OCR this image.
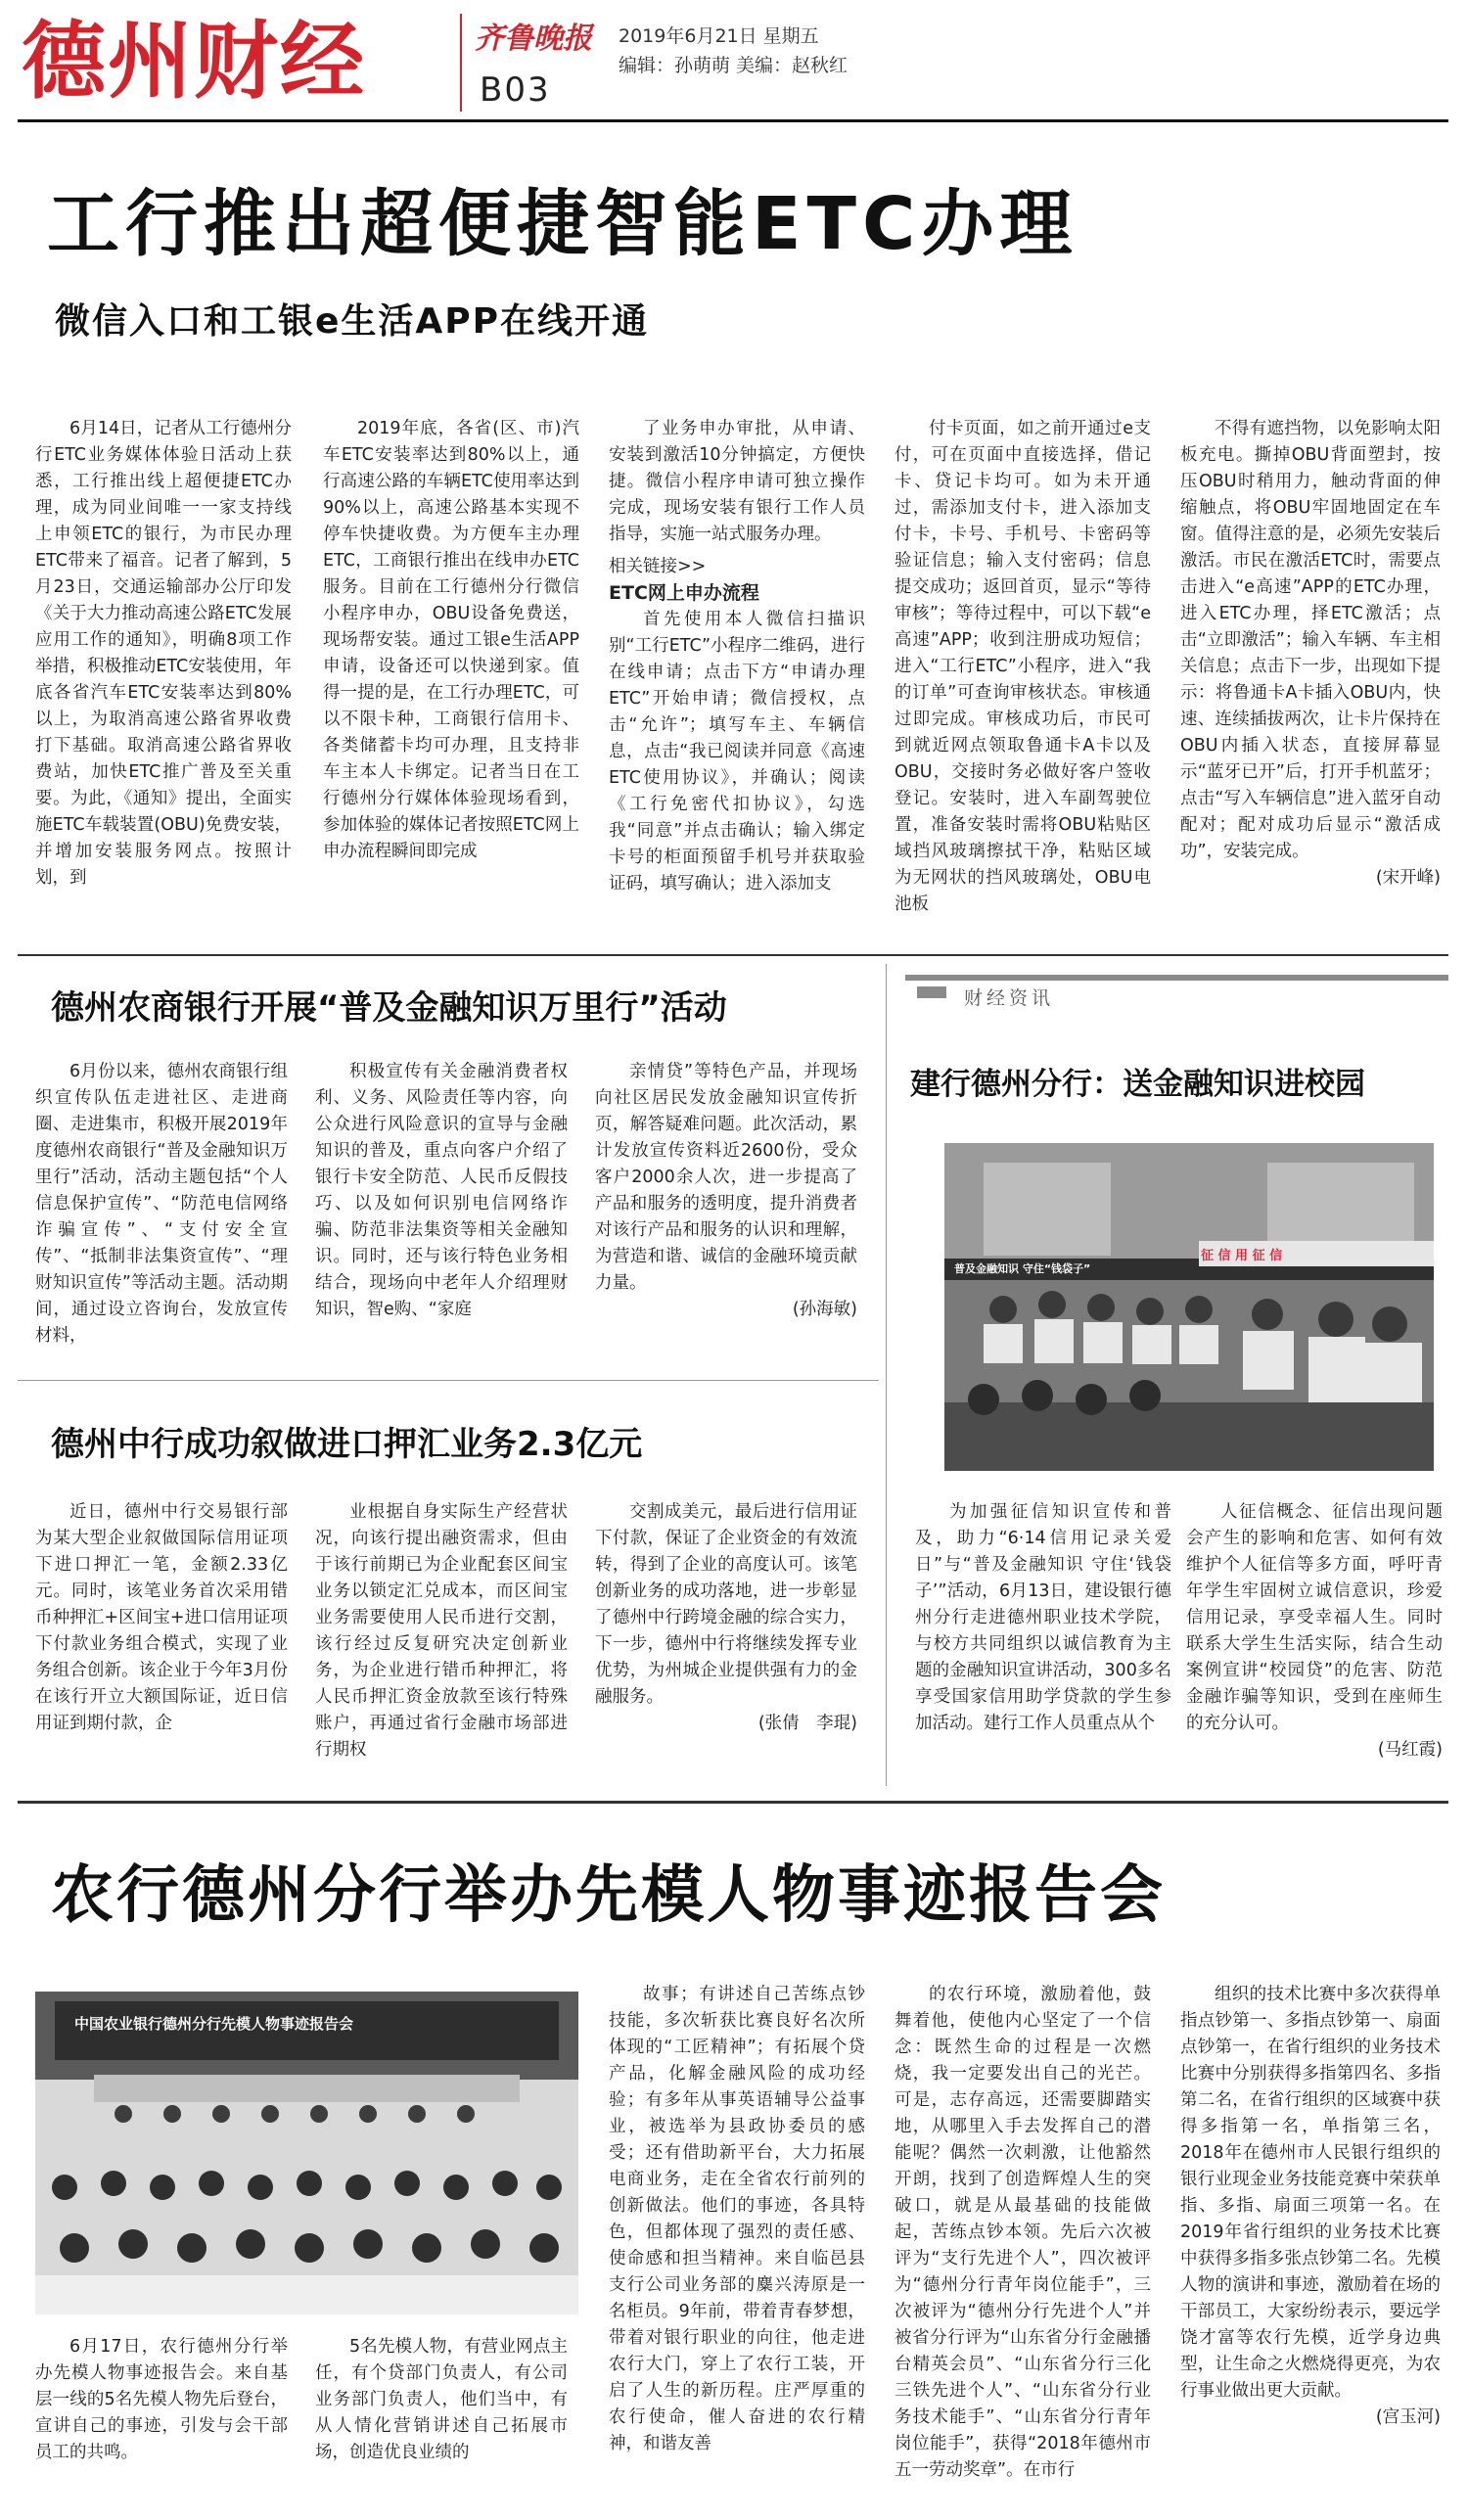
德州财经	齐鲁晚报
B03
2019年6月21日 星期五
编辑：孙萌萌 美编：赵秋红
工行推出超便捷智能ETC办理
微信入口和工银e生活APP在线开通

6月14日，记者从工行德州分行ETC业务媒体体验日活动上获悉，工行推出线上超便捷ETC办理，成为同业间唯一一家支持线上申领ETC的银行，为市民办理ETC带来了福音。记者了解到，5月23日，交通运输部办公厅印发《关于大力推动高速公路ETC发展应用工作的通知》，明确8项工作举措，积极推动ETC安装使用，年底各省汽车ETC安装率达到80%以上，为取消高速公路省界收费打下基础。取消高速公路省界收费站，加快ETC推广普及至关重要。为此，《通知》提出，全面实施ETC车载装置(OBU)免费安装，并增加安装服务网点。按照计划，到

2019年底，各省(区、市)汽车ETC安装率达到80%以上，通行高速公路的车辆ETC使用率达到90%以上，高速公路基本实现不停车快捷收费。为方便车主办理ETC，工商银行推出在线申办ETC服务。目前在工行德州分行微信小程序申办，OBU设备免费送，现场帮安装。通过工银e生活APP申请，设备还可以快递到家。值得一提的是，在工行办理ETC，可以不限卡种，工商银行信用卡、各类储蓄卡均可办理，且支持非车主本人卡绑定。记者当日在工行德州分行媒体体验现场看到，参加体验的媒体记者按照ETC网上申办流程瞬间即完成

了业务申办审批，从申请、安装到激活10分钟搞定，方便快捷。微信小程序申请可独立操作完成，现场安装有银行工作人员指导，实施一站式服务办理。

相关链接>>
ETC网上申办流程

首先使用本人微信扫描识别“工行ETC”小程序二维码，进行在线申请；点击下方“申请办理ETC”开始申请；微信授权，点击“允许”；填写车主、车辆信息，点击“我已阅读并同意《高速ETC使用协议》，并确认；阅读《工行免密代扣协议》，勾选我“同意”并点击确认；输入绑定卡号的柜面预留手机号并获取验证码，填写确认；进入添加支

付卡页面，如之前开通过e支付，可在页面中直接选择，借记卡、贷记卡均可。如为未开通过，需添加支付卡，进入添加支付卡，卡号、手机号、卡密码等验证信息；输入支付密码；信息提交成功；返回首页，显示“等待审核”；等待过程中，可以下载“e高速”APP；收到注册成功短信；进入“工行ETC”小程序，进入“我的订单”可查询审核状态。审核通过即完成。审核成功后，市民可到就近网点领取鲁通卡A卡以及OBU，交接时务必做好客户签收登记。安装时，进入车副驾驶位置，准备安装时需将OBU粘贴区域挡风玻璃擦拭干净，粘贴区域为无网状的挡风玻璃处，OBU电池板

不得有遮挡物，以免影响太阳板充电。撕掉OBU背面塑封，按压OBU时稍用力，触动背面的伸缩触点，将OBU牢固地固定在车窗。值得注意的是，必须先安装后激活。市民在激活ETC时，需要点击进入“e高速”APP的ETC办理，进入ETC办理，择ETC激活；点击“立即激活”；输入车辆、车主相关信息；点击下一步，出现如下提示：将鲁通卡A卡插入OBU内，快速、连续插拔两次，让卡片保持在OBU内插入状态，直接屏幕显示“蓝牙已开”后，打开手机蓝牙；点击“写入车辆信息”进入蓝牙自动配对；配对成功后显示“激活成功”，安装完成。

(宋开峰)
德州农商银行开展“普及金融知识万里行”活动

6月份以来，德州农商银行组织宣传队伍走进社区、走进商圈、走进集市，积极开展2019年度德州农商银行“普及金融知识万里行”活动，活动主题包括“个人信息保护宣传”、“防范电信网络诈骗宣传”、“支付安全宣传”、“抵制非法集资宣传”、“理财知识宣传”等活动主题。活动期间，通过设立咨询台，发放宣传材料，

积极宣传有关金融消费者权利、义务、风险责任等内容，向公众进行风险意识的宣导与金融知识的普及，重点向客户介绍了银行卡安全防范、人民币反假技巧、以及如何识别电信网络诈骗、防范非法集资等相关金融知识。同时，还与该行特色业务相结合，现场向中老年人介绍理财知识，智e购、“家庭

亲情贷”等特色产品，并现场向社区居民发放金融知识宣传折页，解答疑难问题。此次活动，累计发放宣传资料近2600份，受众客户2000余人次，进一步提高了产品和服务的透明度，提升消费者对该行产品和服务的认识和理解，为营造和谐、诚信的金融环境贡献力量。

(孙海敏)
德州中行成功叙做进口押汇业务2.3亿元

近日，德州中行交易银行部为某大型企业叙做国际信用证项下进口押汇一笔，金额2.33亿元。同时，该笔业务首次采用错币种押汇+区间宝+进口信用证项下付款业务组合模式，实现了业务组合创新。该企业于今年3月份在该行开立大额国际证，近日信用证到期付款，企

业根据自身实际生产经营状况，向该行提出融资需求，但由于该行前期已为企业配套区间宝业务以锁定汇兑成本，而区间宝业务需要使用人民币进行交割，该行经过反复研究决定创新业务，为企业进行错币种押汇，将人民币押汇资金放款至该行特殊账户，再通过省行金融市场部进行期权

交割成美元，最后进行信用证下付款，保证了企业资金的有效流转，得到了企业的高度认可。该笔创新业务的成功落地，进一步彰显了德州中行跨境金融的综合实力，下一步，德州中行将继续发挥专业优势，为州城企业提供强有力的金融服务。

(张倩　李琨)
财经资讯
建行德州分行：送金融知识进校园
普及金融知识 守住“钱袋子”
征 信 用 征 信

为加强征信知识宣传和普及，助力“6·14信用记录关爱日”与“普及金融知识 守住‘钱袋子’”活动，6月13日，建设银行德州分行走进德州职业技术学院，与校方共同组织以诚信教育为主题的金融知识宣讲活动，300多名享受国家信用助学贷款的学生参加活动。建行工作人员重点从个

人征信概念、征信出现问题会产生的影响和危害、如何有效维护个人征信等多方面，呼吁青年学生牢固树立诚信意识，珍爱信用记录，享受幸福人生。同时联系大学生生活实际，结合生动案例宣讲“校园贷”的危害、防范金融诈骗等知识，受到在座师生的充分认可。

(马红霞)
农行德州分行举办先模人物事迹报告会
中国农业银行德州分行先模人物事迹报告会

6月17日，农行德州分行举办先模人物事迹报告会。来自基层一线的5名先模人物先后登台，宣讲自己的事迹，引发与会干部员工的共鸣。

5名先模人物，有营业网点主任，有个贷部门负责人，有公司业务部门负责人，他们当中，有从人情化营销讲述自己拓展市场，创造优良业绩的

故事；有讲述自己苦练点钞技能，多次斩获比赛良好名次所体现的“工匠精神”；有拓展个贷产品，化解金融风险的成功经验；有多年从事英语辅导公益事业，被选举为县政协委员的感受；还有借助新平台，大力拓展电商业务，走在全省农行前列的创新做法。他们的事迹，各具特色，但都体现了强烈的责任感、使命感和担当精神。来自临邑县支行公司业务部的麋兴涛原是一名柜员。9年前，带着青春梦想，带着对银行职业的向往，他走进农行大门，穿上了农行工装，开启了人生的新历程。庄严厚重的农行使命，催人奋进的农行精神，和谐友善

的农行环境，激励着他，鼓舞着他，使他内心坚定了一个信念：既然生命的过程是一次燃烧，我一定要发出自己的光芒。可是，志存高远，还需要脚踏实地，从哪里入手去发挥自己的潜能呢？偶然一次刺激，让他豁然开朗，找到了创造辉煌人生的突破口，就是从最基础的技能做起，苦练点钞本领。先后六次被评为“支行先进个人”，四次被评为“德州分行青年岗位能手”，三次被评为“德州分行先进个人”并被省分行评为“山东省分行金融播台精英会员”、“山东省分行三化三铁先进个人”、“山东省分行业务技术能手”、“山东省分行青年岗位能手”，获得“2018年德州市五一劳动奖章”。在市行

组织的技术比赛中多次获得单指点钞第一、多指点钞第一、扇面点钞第一，在省行组织的业务技术比赛中分别获得多指第四名、多指第二名，在省行组织的区域赛中获得多指第一名，单指第三名，2018年在德州市人民银行组织的银行业现金业务技能竞赛中荣获单指、多指、扇面三项第一名。在2019年省行组织的业务技术比赛中获得多指多张点钞第二名。先模人物的演讲和事迹，激励着在场的干部员工，大家纷纷表示，要远学饶才富等农行先模，近学身边典型，让生命之火燃烧得更亮，为农行事业做出更大贡献。

(宫玉河)
